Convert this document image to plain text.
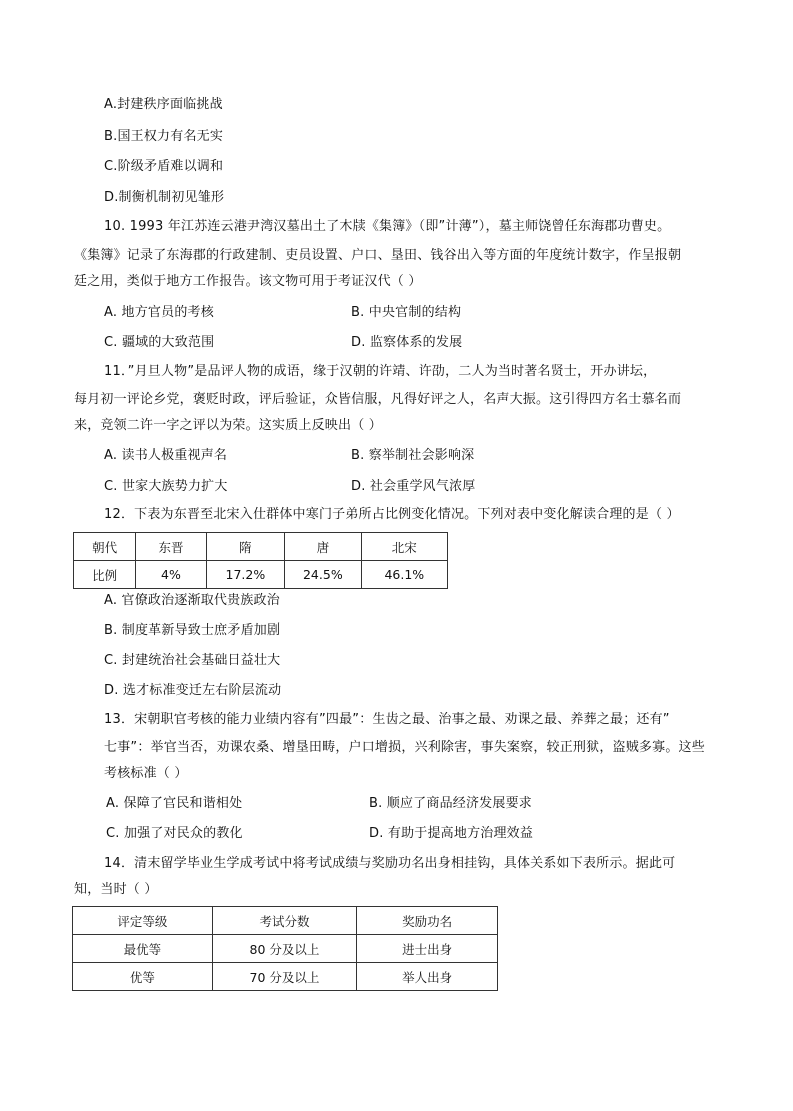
A.封建秩序面临挑战
B.国王权力有名无实
C.阶级矛盾难以调和
D.制衡机制初见雏形
10. 1993 年江苏连云港尹湾汉墓出土了木牍《集簿》（即”计薄”），墓主师饶曾任东海郡功曹史。
《集簿》记录了东海郡的行政建制、吏员设置、户口、垦田、钱谷出入等方面的年度统计数字，作呈报朝
廷之用，类似于地方工作报告。该文物可用于考证汉代（ ）
A. 地方官员的考核	B. 中央官制的结构
C. 疆域的大致范围	D. 监察体系的发展
11．”月旦人物”是品评人物的成语，缘于汉朝的许靖、许劭，二人为当时著名贤士，开办讲坛，
每月初一评论乡党，褒贬时政，评后验证，众皆信服，凡得好评之人，名声大振。这引得四方名士慕名而
来，竞领二许一字之评以为荣。这实质上反映出（ ）
A. 读书人极重视声名	B. 察举制社会影响深
C. 世家大族势力扩大	D. 社会重学风气浓厚
12．下表为东晋至北宋入仕群体中寒门子弟所占比例变化情况。下列对表中变化解读合理的是（ ）
朝代	东晋	隋	唐	北宋
比例	4%	17.2%	24.5%	46.1%
A. 官僚政治逐渐取代贵族政治
B. 制度革新导致士庶矛盾加剧
C. 封建统治社会基础日益壮大
D. 选才标准变迁左右阶层流动
13．宋朝职官考核的能力业绩内容有”四最”：生齿之最、治事之最、劝课之最、养葬之最；还有”
七事”：举官当否，劝课农桑、增垦田畴，户口增损，兴利除害，事失案察，较正刑狱，盗贼多寡。这些
考核标准（ ）
A. 保障了官民和谐相处	B. 顺应了商品经济发展要求
C. 加强了对民众的教化	D. 有助于提高地方治理效益
14．清末留学毕业生学成考试中将考试成绩与奖励功名出身相挂钩，具体关系如下表所示。据此可
知，当时（ ）
评定等级	考试分数	奖励功名
最优等	80 分及以上	进士出身
优等	70 分及以上	举人出身
